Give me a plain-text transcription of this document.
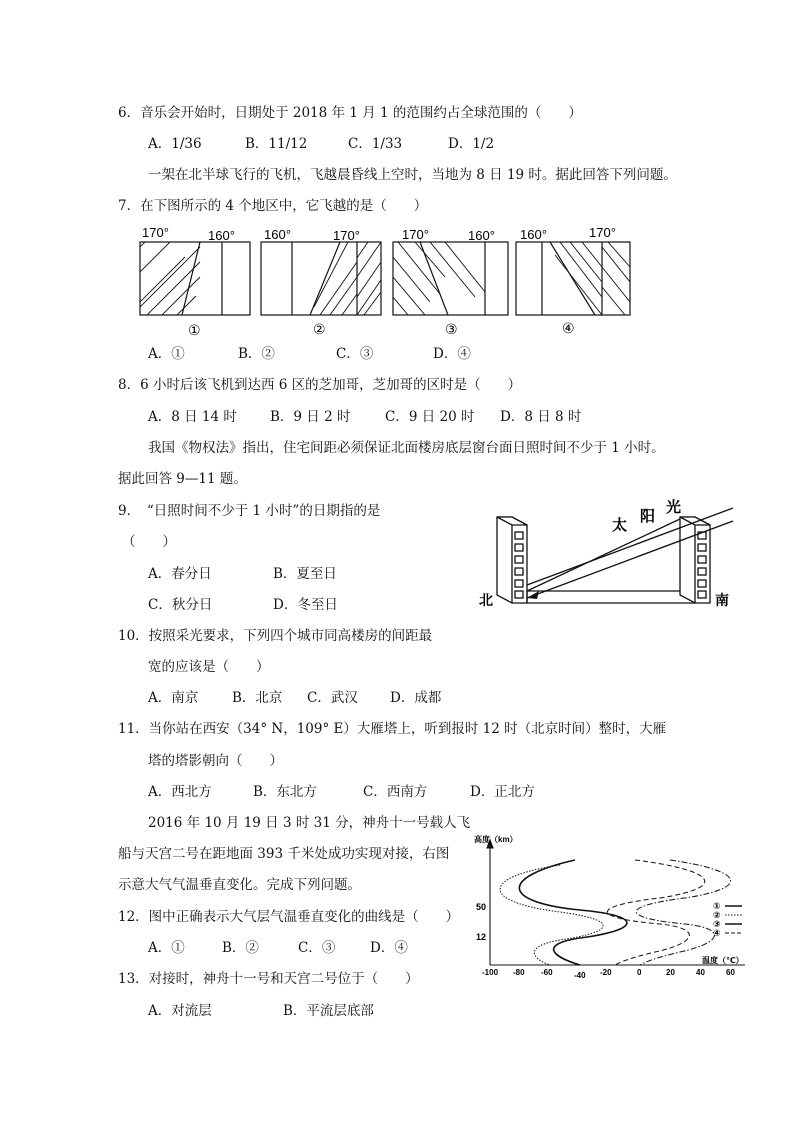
6．音乐会开始时，日期处于 2018 年 1 月 1 的范围约占全球范围的（　　）
A．1/36	B．11/12	C．1/33	D．1/2
一架在北半球飞行的飞机，飞越晨昏线上空时，当地为 8 日 19 时。据此回答下列问题。
7．在下图所示的 4 个地区中，它飞越的是（　　）
170°	160°
①
160°	170°
②
170°	160°
③
160°	170°
④
A．①	B．②	C．③	D．④
8．6 小时后该飞机到达西 6 区的芝加哥，芝加哥的区时是（　　）
A．8 日 14 时 B．9 日 2 时	C．9 日 20 时 D．8 日 8 时
我国《物权法》指出，住宅间距必须保证北面楼房底层窗台面日照时间不少于 1 小时。
据此回答 9—11 题。
9．　“日照时间不少于 1 小时”的日期指的是
（　　）
A．春分日	B．夏至日
C．秋分日	D．冬至日	北	南
太
阳
光
10．按照采光要求，下列四个城市同高楼房的间距最
宽的应该是（　　）
A．南京	B．北京 C．武汉 D．成都
11．当你站在西安（34° N，109° E）大雁塔上，听到报时 12 时（北京时间）整时，大雁
塔的塔影朝向（　　）
A．西北方	B．东北方	C．西南方	D．正北方
2016 年 10 月 19 日 3 时 31 分，神舟十一号载人飞
船与天宫二号在距地面 393 千米处成功实现对接，右图
示意大气气温垂直变化。完成下列问题。
12．图中正确表示大气层气温垂直变化的曲线是（　　）
A．①	B．②	C．③	D．④
13．对接时，神舟十一号和天宫二号位于（　　）
A．对流层	B．平流层底部
高度（km）
温度（℃）
50
12
-100 -80 -60	-40 -20	0	20	40	60
①
②
③
④
